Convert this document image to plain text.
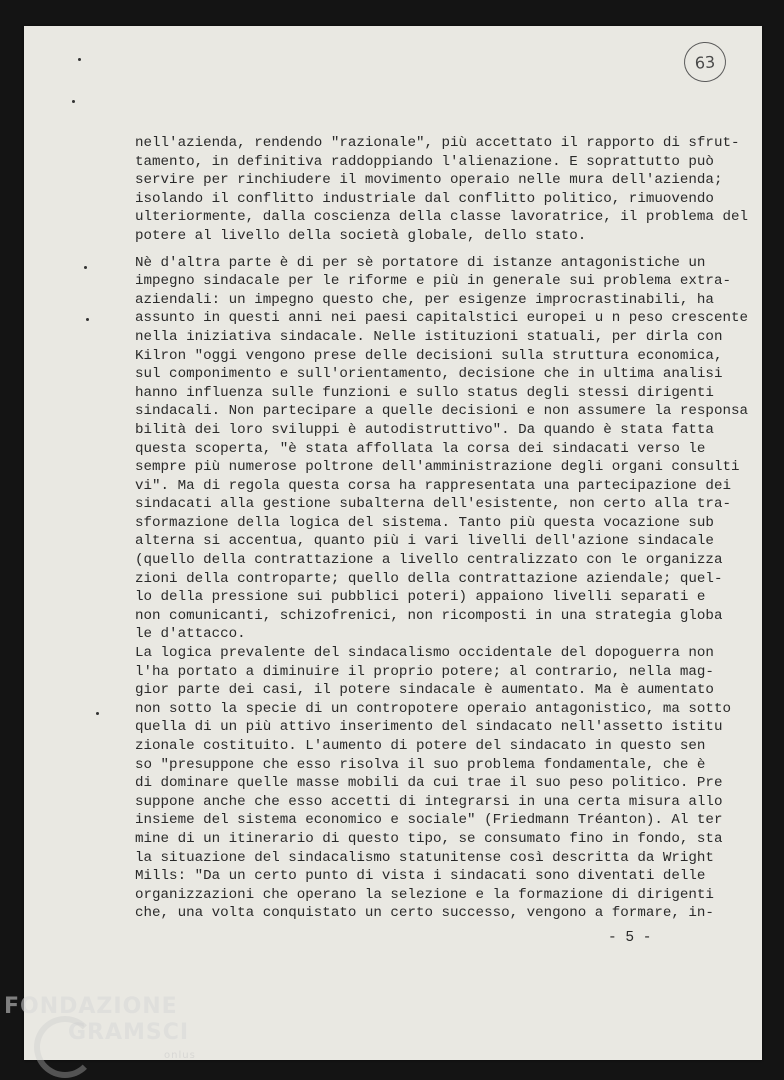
63
nell'azienda, rendendo "razionale", più accettato il rapporto di sfrut-
tamento, in definitiva raddoppiando l'alienazione. E soprattutto può
servire per rinchiudere il movimento operaio nelle mura dell'azienda;
isolando il conflitto industriale dal conflitto politico, rimuovendo
ulteriormente, dalla coscienza della classe lavoratrice, il problema del
potere al livello della società globale, dello stato.
Nè d'altra parte è di per sè portatore di istanze antagonistiche un
impegno sindacale per le riforme e più in generale sui problema extra-
aziendali: un impegno questo che, per esigenze improcrastinabili, ha
assunto in questi anni nei paesi capitalstici europei u n peso crescente
nella iniziativa sindacale. Nelle istituzioni statuali, per dirla con
Kilron "oggi vengono prese delle decisioni sulla struttura economica,
sul componimento e sull'orientamento, decisione che in ultima analisi
hanno influenza sulle funzioni e sullo status degli stessi dirigenti
sindacali. Non partecipare a quelle decisioni e non assumere la responsa
bilità dei loro sviluppi è autodistruttivo". Da quando è stata fatta
questa scoperta, "è stata affollata la corsa dei sindacati verso le
sempre più numerose poltrone dell'amministrazione degli organi consulti
vi". Ma di regola questa corsa ha rappresentata una partecipazione dei
sindacati alla gestione subalterna dell'esistente, non certo alla tra-
sformazione della logica del sistema. Tanto più questa vocazione sub
alterna si accentua, quanto più i vari livelli dell'azione sindacale
(quello della contrattazione a livello centralizzato con le organizza
zioni della controparte; quello della contrattazione aziendale; quel-
lo della pressione sui pubblici poteri) appaiono livelli separati e
non comunicanti, schizofrenici, non ricomposti in una strategia globa
le d'attacco.
La logica prevalente del sindacalismo occidentale del dopoguerra non
l'ha portato a diminuire il proprio potere; al contrario, nella mag-
gior parte dei casi, il potere sindacale è aumentato. Ma è aumentato
non sotto la specie di un contropotere operaio antagonistico, ma sotto
quella di un più attivo inserimento del sindacato nell'assetto istitu
zionale costituito. L'aumento di potere del sindacato in questo sen
so "presuppone che esso risolva il suo problema fondamentale, che è
di dominare quelle masse mobili da cui trae il suo peso politico. Pre
suppone anche che esso accetti di integrarsi in una certa misura allo
insieme del sistema economico e sociale" (Friedmann Tréanton). Al ter
mine di un itinerario di questo tipo, se consumato fino in fondo, sta
la situazione del sindacalismo statunitense così descritta da Wright
Mills: "Da un certo punto di vista i sindacati sono diventati delle
organizzazioni che operano la selezione e la formazione di dirigenti
che, una volta conquistato un certo successo, vengono a formare, in-
- 5 -
FONDAZIONE
GRAMSCI
onlus
